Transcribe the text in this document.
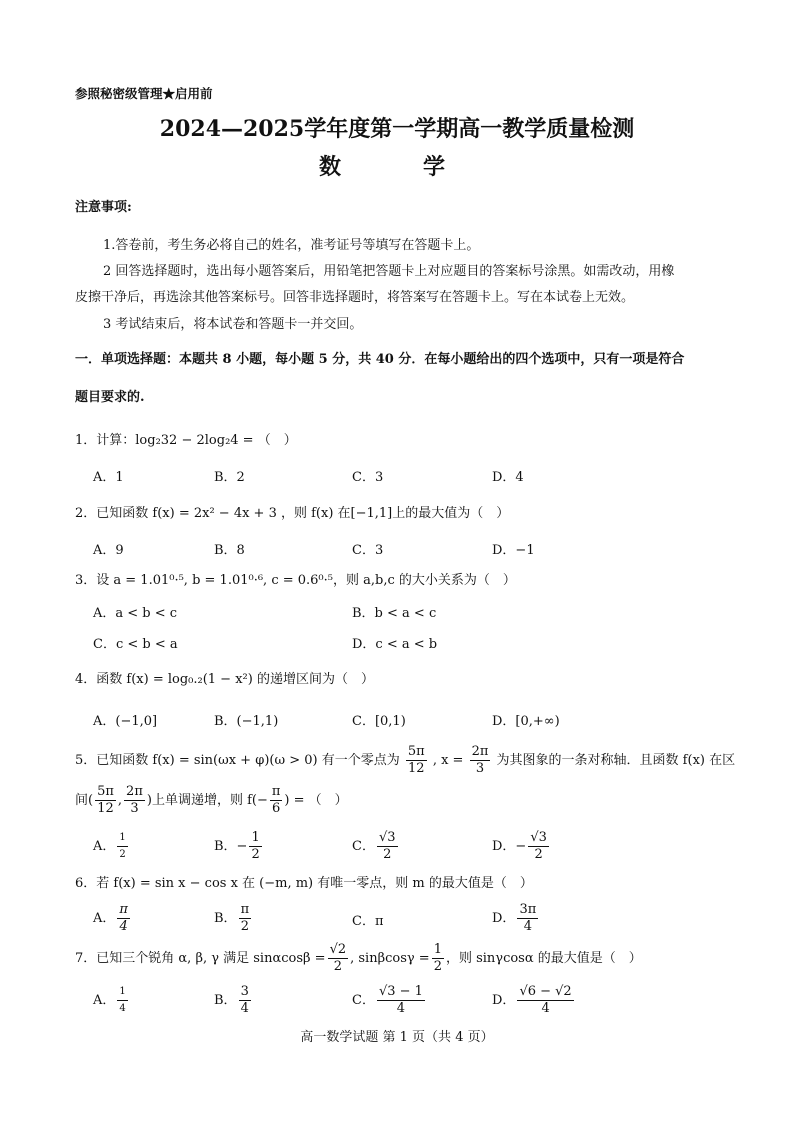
参照秘密级管理★启用前
2024—2025学年度第一学期高一教学质量检测
数　学
注意事项:
1.答卷前，考生务必将自己的姓名，准考证号等填写在答题卡上。
2 回答选择题时，选出每小题答案后，用铅笔把答题卡上对应题目的答案标号涂黑。如需改动，用橡
皮擦干净后，再选涂其他答案标号。回答非选择题时，将答案写在答题卡上。写在本试卷上无效。
3 考试结束后，将本试卷和答题卡一并交回。
一．单项选择题：本题共 8 小题，每小题 5 分，共 40 分．在每小题给出的四个选项中，只有一项是符合
题目要求的.
1．计算：log₂32 − 2log₂4 = （　）
A．1	B．2	C．3	D．4
2．已知函数 f(x) = 2x² − 4x + 3 ，则 f(x) 在[−1,1]上的最大值为（　）
A．9	B．8	C．3	D．−1
3．设 a = 1.01⁰·⁵, b = 1.01⁰·⁶, c = 0.6⁰·⁵，则 a,b,c 的大小关系为（　）
A．a < b < c	B．b < a < c
C．c < b < a	D．c < a < b
4．函数 f(x) = log₀.₂(1 − x²) 的递增区间为（　）
A．(−1,0]	B．(−1,1)	C．[0,1)	D．[0,+∞)
5．已知函数 f(x) = sin(ωx + φ)(ω > 0) 有一个零点为 $\frac{5\pi}{12}$ , $x = \frac{2\pi}{3}$ 为其图象的一条对称轴．且函数 f(x) 在区
间( $\frac{5\pi}{12}$ , $\frac{2\pi}{3}$ )上单调递增，则 $f(- \frac{\pi}{6}$ ) = （　）
A． $\frac{1}{2}$	B．− $\frac{1}{2}$	C． $\frac{√3}{2}$	D．− $\frac{√3}{2}$
6．若 f(x) = sin x − cos x 在 (−m, m) 有唯一零点，则 m 的最大值是（　）
A． $\frac{\pi}{4}$	B． $\frac{\pi}{2}$	C．π	D． $\frac{3\pi}{4}$
7．已知三个锐角 α, β, γ 满足 $\sin\alpha\cos\beta = \frac{√2}{2}$ , $\sin\beta\cos\gamma = \frac{1}{2}$ ，则 sinγcosα 的最大值是（　）
A． $\frac{1}{4}$	B． $\frac{3}{4}$	C． $\frac{√3 - 1}{4}$	D． $\frac{√6 - √2}{4}$
高一数学试题 第 1 页（共 4 页）
